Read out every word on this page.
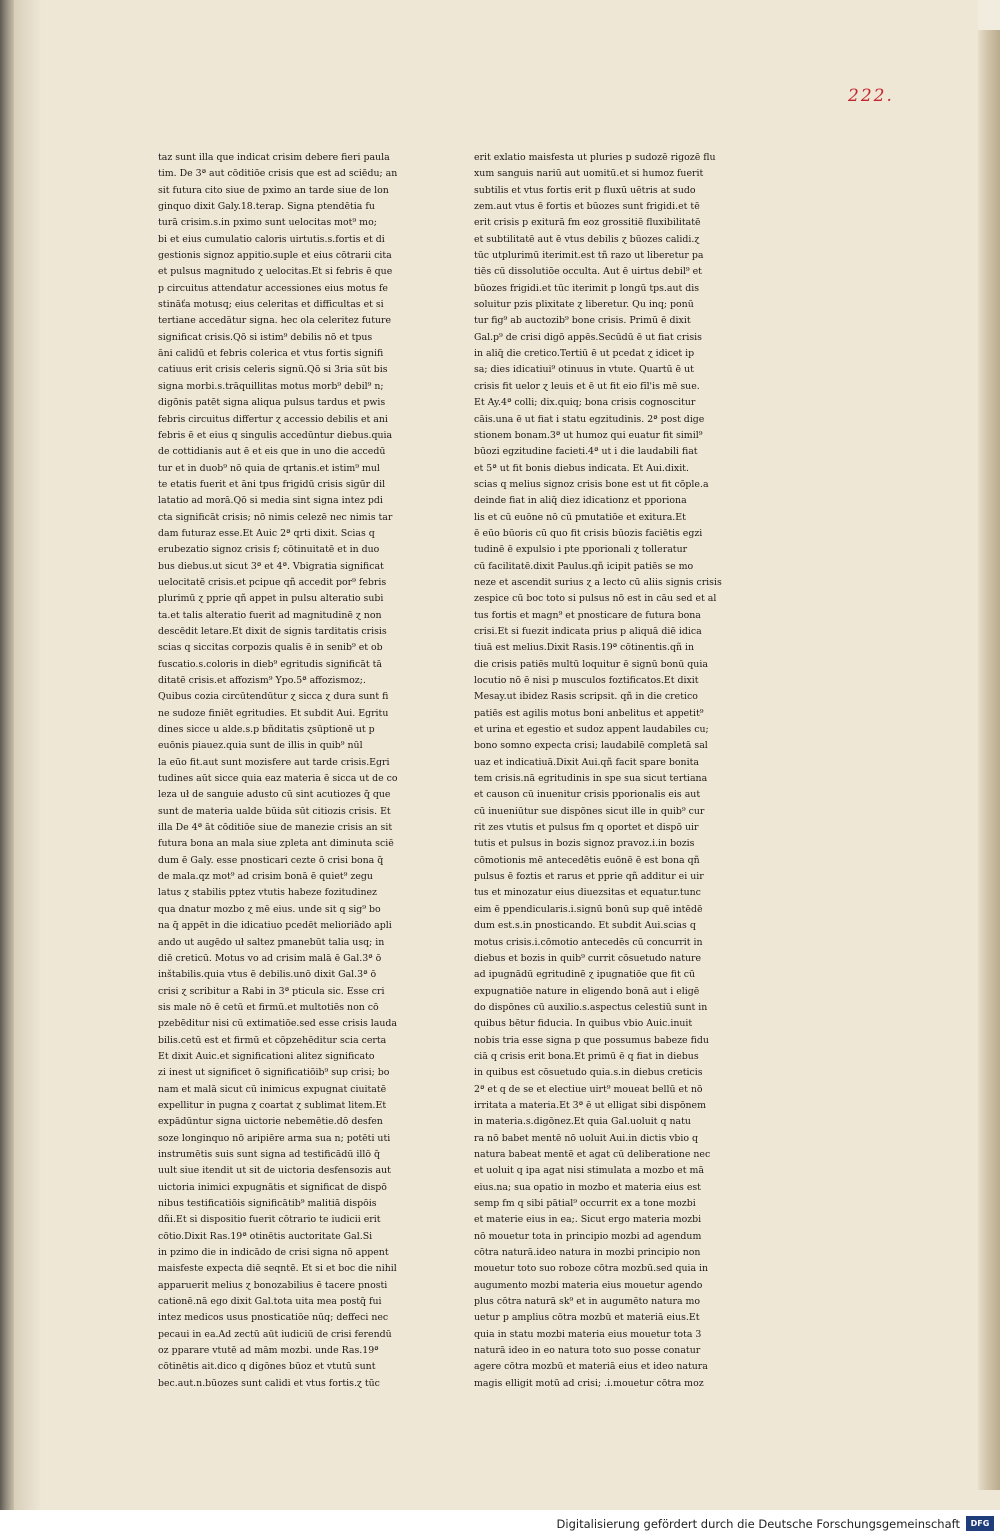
222.
taz sunt illa que indicat crisim debere fieri paula
tim. De 3ª aut cōditiōe crisis que est ad sciēdu; an
sit futura cito siue de pximo an tarde siue de lon
ginquo dixit Galy.18.terap. Signa ptendētia fu
turā crisim.s.in pximo sunt uelocitas mot⁹ mo;
bi et eius cumulatio caloris uirtutis.s.fortis et di
gestionis signoz appitio.suple et eius cōtrarii cita
et pulsus magnitudo ɀ uelocitas.Et si febris ē que
p circuitus attendatur accessiones eius motus fe
stināťa motusq; eius celeritas et difficultas et si
tertiane accedātur signa. hec ola celeritez future
significat crisis.Qō si istim⁹ debilis nō et tpus
āni calidū et febris colerica et vtus fortis signifi
catiuus erit crisis celeris signū.Qō si 3ria sūt bis
signa morbi.s.trāquillitas motus morb⁹ debil⁹ n;
digōnis patēt signa aliqua pulsus tardus et pwis
febris circuitus differtur ɀ accessio debilis et ani
febris ē et eius q singulis accedūntur diebus.quia
de cottidianis aut ē et eis que in uno die accedū
tur et in duob⁹ nō quia de qrtanis.et istim⁹ mul
te etatis fuerit et āni tpus frigidū crisis sigūr dil
latatio ad morā.Qō si media sint signa intez pdi
cta significāt crisis; nō nimis celezē nec nimis tar
dam futuraz esse.Et Auic 2ª qrti dixit. Scias q
erubezatio signoz crisis f; cōtinuitatē et in duo
bus diebus.ut sicut 3ª et 4ª. Vbigratia significat
uelocitatē crisis.et pcipue qñ accedit por⁹ febris
plurimū ɀ pprie qñ appet in pulsu alteratio subi
ta.et talis alteratio fuerit ad magnitudinē ɀ non
descēdit letare.Et dixit de signis tarditatis crisis
scias q siccitas corpozis qualis ē in senib⁹ et ob
fuscatio.s.coloris in dieb⁹ egritudis significāt tā
ditatē crisis.et affozism⁹ Ypo.5ª affozismoz;.
Quibus cozia circūtendūtur ɀ sicca ɀ dura sunt fi
ne sudoze finiēt egritudies. Et subdit Aui. Egritu
dines sicce u alde.s.p bñditatis ɀsūptionē ut p
euōnis piauez.quia sunt de illis in quib⁹ nūl
la eūo fit.aut sunt mozisfere aut tarde crisis.Egri
tudines aūt sicce quia eaz materia ē sicca ut de co
leza uł de sanguie adusto cū sint acutiozes q̄ que
sunt de materia ualde būida sūt citiozis crisis. Et
illa De 4ª āt cōditiōe siue de manezie crisis an sit
futura bona an mala siue zpleta ant diminuta sciē
dum ē Galy. esse pnosticari cezte ō crisi bona q̄
de mala.qz mot⁹ ad crisim bonā ē quiet⁹ zegu
latus ɀ stabilis pptez vtutis habeze fozitudinez
qua dnatur mozbo ɀ mē eius. unde sit q sig⁹ bo
na q̄ appēt in die idicatiuo pcedēt melioriādo apli
ando ut augēdo uł saltez pmanebūt talia usq; in
diē creticū. Motus vo ad crisim malā ē Gal.3ª ō
inštabilis.quia vtus ē debilis.unō dixit Gal.3ª ō
crisi ɀ scribitur a Rabi in 3ª pticula sic. Esse cri
sis male nō ē cetū et firmū.et multotiēs non cō
pzebēditur nisi cū extimatiōe.sed esse crisis lauda
bilis.cetū est et firmū et cōpzehēditur scia certa
Et dixit Auic.et significationi alitez significato
zi inest ut significet ō significatiōib⁹ sup crisi; bo
nam et malā sicut cū inimicus expugnat ciuitatē
expellitur in pugna ɀ coartat ɀ sublimat litem.Et
expādūntur signa uictorie nebemētie.dō desfen
soze longinquo nō aripiēre arma sua n; potēti uti
instrumētis suis sunt signa ad testificādū illō q̄
uult siue itendit ut sit de uictoria desfensozis aut
uictoria inimici expugnātis et significat de dispō
nibus testificatiōis significātib⁹ malitiā dispōis
dñi.Et si dispositio fuerit cōtrario te iudicii erit
cōtio.Dixit Ras.19ª otinētis auctoritate Gal.Si
in pzimo die in indicādo de crisi signa nō appent
maisfeste expecta diē seqntē. Et si et boc die nihil
apparuerit melius ɀ bonozabilius ē tacere pnosti
cationē.nā ego dixit Gal.tota uita mea postq̄ fui
intez medicos usus pnosticatiōe nūq; deffeci nec
pecaui in ea.Ad zectū aūt iudiciū de crisi ferendū
oz pparare vtutē ad mām mozbi. unde Ras.19ª
cōtinētis ait.dico q digōnes būoz et vtutū sunt
bec.aut.n.būozes sunt calidi et vtus fortis.ɀ tūc
erit exlatio maisfesta ut pluries p sudozē rigozē flu
xum sanguis nariū aut uomitū.et si humoz fuerit
subtilis et vtus fortis erit p fluxū uētris at sudo
zem.aut vtus ē fortis et būozes sunt frigidi.et tē
erit crisis p exiturā fm eoz grossitiē fluxibilitatē
et subtilitatē aut ē vtus debilis ɀ būozes calidi.ɀ
tūc utplurimū iterimit.est tñ razo ut liberetur pa
tiēs cū dissolutiōe occulta. Aut ē uirtus debil⁹ et
būozes frigidi.et tūc iterimit p longū tps.aut dis
soluitur pzis plixitate ɀ liberetur. Qu inq; ponū
tur fig⁹ ab auctozib⁹ bone crisis. Primū ē dixit
Gal.p⁹ de crisi digō appēs.Secūdū ē ut fiat crisis
in aliq̄ die cretico.Tertiū ē ut pcedat ɀ idicet ip
sa; dies idicatiui⁹ otinuus in vtute. Quartū ē ut
crisis fit uelor ɀ leuis et ē ut fit eio fīl'is mē sue.
Et Ay.4ª colli; dix.quiq; bona crisis cognoscitur
cāis.una ē ut fiat i statu egzitudinis. 2ª post dige
stionem bonam.3ª ut humoz qui euatur fit simil⁹
būozi egzitudine facieti.4ª ut i die laudabili fiat
et 5ª ut fit bonis diebus indicata. Et Aui.dixit.
scias q melius signoz crisis bone est ut fit cōple.a
deinde fiat in aliq̄ diez idicationz et pporiona
lis et cū euōne nō cū pmutatiōe et exitura.Et
ē eūo būoris cū quo fit crisis būozis faciētis egzi
tudinē ē expulsio i pte pporionali ɀ tolleratur
cū facilitatē.dixit Paulus.qñ icipit patiēs se mo
neze et ascendit surius ɀ a lecto cū aliis signis crisis
zespice cū boc toto si pulsus nō est in cāu sed et al
tus fortis et magn⁹ et pnosticare de futura bona
crisi.Et si fuezit indicata prius p aliquā diē idica
tiuā est melius.Dixit Rasis.19ª cōtinentis.qñ in
die crisis patiēs multū loquitur ē signū bonū quia
locutio nō ē nisi p musculos foztificatos.Et dixit
Mesay.ut ibidez Rasis scripsit. qñ in die cretico
patiēs est agilis motus boni anbelitus et appetit⁹
et urina et egestio et sudoz appent laudabiles cu;
bono somno expecta crisi; laudabilē completā sal
uaz et indicatiuā.Dixit Aui.qñ facit spare bonita
tem crisis.nā egritudinis in spe sua sicut tertiana
et causon cū inuenitur crisis pporionalis eis aut
cū inueniūtur sue dispōnes sicut ille in quib⁹ cur
rit zes vtutis et pulsus fm q oportet et dispō uir
tutis et pulsus in bozis signoz pravoz.i.in bozis
cōmotionis mē antecedētis euōnē ē est bona qñ
pulsus ē foztis et rarus et pprie qñ additur ei uir
tus et minozatur eius diuezsitas et equatur.tunc
eim ē ppendicularis.i.signū bonū sup quē intēdē
dum est.s.in pnosticando. Et subdit Aui.scias q
motus crisis.i.cōmotio antecedēs cū concurrit in
diebus et bozis in quib⁹ currit cōsuetudo nature
ad ipugnādū egritudinē ɀ ipugnatiōe que fit cū
expugnatiōe nature in eligendo bonā aut i eligē
do dispōnes cū auxilio.s.aspectus celestiū sunt in
quibus bētur fiducia. In quibus vbio Auic.inuit
nobis tria esse signa p que possumus babeze fidu
ciā q crisis erit bona.Et primū ē q fiat in diebus
in quibus est cōsuetudo quia.s.in diebus creticis
2ª et q de se et electiue uirt⁹ moueat bellū et nō
irritata a materia.Et 3ª ē ut elligat sibi dispōnem
in materia.s.digōnez.Et quia Gal.uoluit q natu
ra nō babet mentē nō uoluit Aui.in dictis vbio q
natura babeat mentē et agat cū deliberatione nec
et uoluit q ipa agat nisi stimulata a mozbo et mā
eius.na; sua opatio in mozbo et materia eius est
semp fm q sibi pātial⁹ occurrit ex a tone mozbi
et materie eius in ea;. Sicut ergo materia mozbi
nō mouetur tota in principio mozbi ad agendum
cōtra naturā.ideo natura in mozbi principio non
mouetur toto suo roboze cōtra mozbū.sed quia in
augumento mozbi materia eius mouetur agendo
plus cōtra naturā sk⁹ et in augumēto natura mo
uetur p amplius cōtra mozbū et materiā eius.Et
quia in statu mozbi materia eius mouetur tota 3
naturā ideo in eo natura toto suo posse conatur
agere cōtra mozbū et materiā eius et ideo natura
magis elligit motū ad crisi; .i.mouetur cōtra moz
Digitalisierung gefördert durch die Deutsche Forschungsgemeinschaft	DFG
